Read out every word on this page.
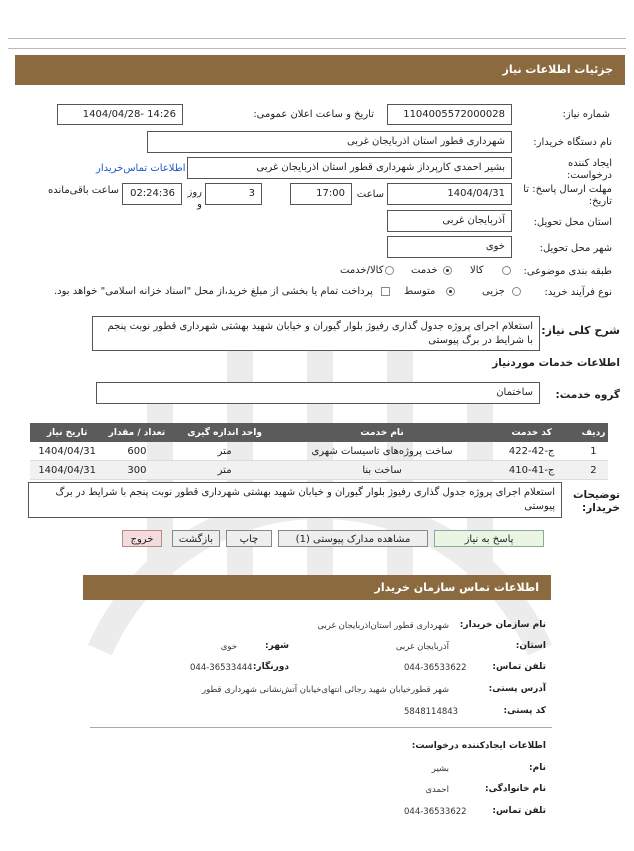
جزئیات اطلاعات نیاز
شماره نیاز:
1104005572000028
تاریخ و ساعت اعلان عمومی:
1404/04/28- 14:26
نام دستگاه خریدار:
شهرداری قطور استان اذربایجان غربی
ایجاد کننده درخواست:
بشیر احمدی کارپرداز شهرداری قطور استان اذربایجان غربی
اطلاعات تماس‌خریدار
مهلت ارسال پاسخ: تا تاریخ:
1404/04/31
ساعت
17:00
3
روز و
02:24:36
ساعت باقی‌مانده
استان محل تحویل:
آذربایجان غربی
شهر محل تحویل:
خوی
طبقه بندی موضوعی:
کالا
خدمت
کالا/خدمت
نوع فرآیند خرید:
جزیی
متوسط
پرداخت تمام یا بخشی از مبلغ خرید،از محل "اسناد خزانه اسلامی" خواهد بود.
شرح کلی نیاز:
استعلام اجرای پروژه جدول گذاری رفیوژ بلوار گیوران و خیابان شهید بهشتی شهرداری قطور نوبت پنجم با شرایط در برگ پیوستی
اطلاعات خدمات موردنیاز
گروه خدمت:
ساختمان
ردیف	کد خدمت	نام خدمت	واحد اندازه گیری	تعداد / مقدار	تاریخ نیاز
1	ج-42-422	ساخت پروژه‌های تاسیسات شهری	متر	600	1404/04/31
2	ج-41-410	ساخت بنا	متر	300	1404/04/31
توضیحات خریدار:
استعلام اجرای پروژه جدول گذاری رفیوژ بلوار گیوران و خیابان شهید بهشتی شهرداری قطور نوبت پنجم با شرایط در برگ پیوستی
پاسخ به نیاز
مشاهده مدارک پیوستی (1)
چاپ
بازگشت
خروج
اطلاعات تماس سازمان خریدار
نام سازمان خریدار:
شهرداری قطور استان‌اذربایجان غربی
استان:
آذربایجان غربی
شهر:
خوی
تلفن تماس:
044-36533622
دورنگار:
044-36533444
آدرس پستی:
شهر قطورخیابان شهید رجائی انتهای‌خیابان آتش‌نشانی شهرداری قطور
کد پستی:
5848114843
اطلاعات ایجادکننده درخواست:
نام:
بشیر
نام خانوادگی:
احمدی
تلفن تماس:
044-36533622
